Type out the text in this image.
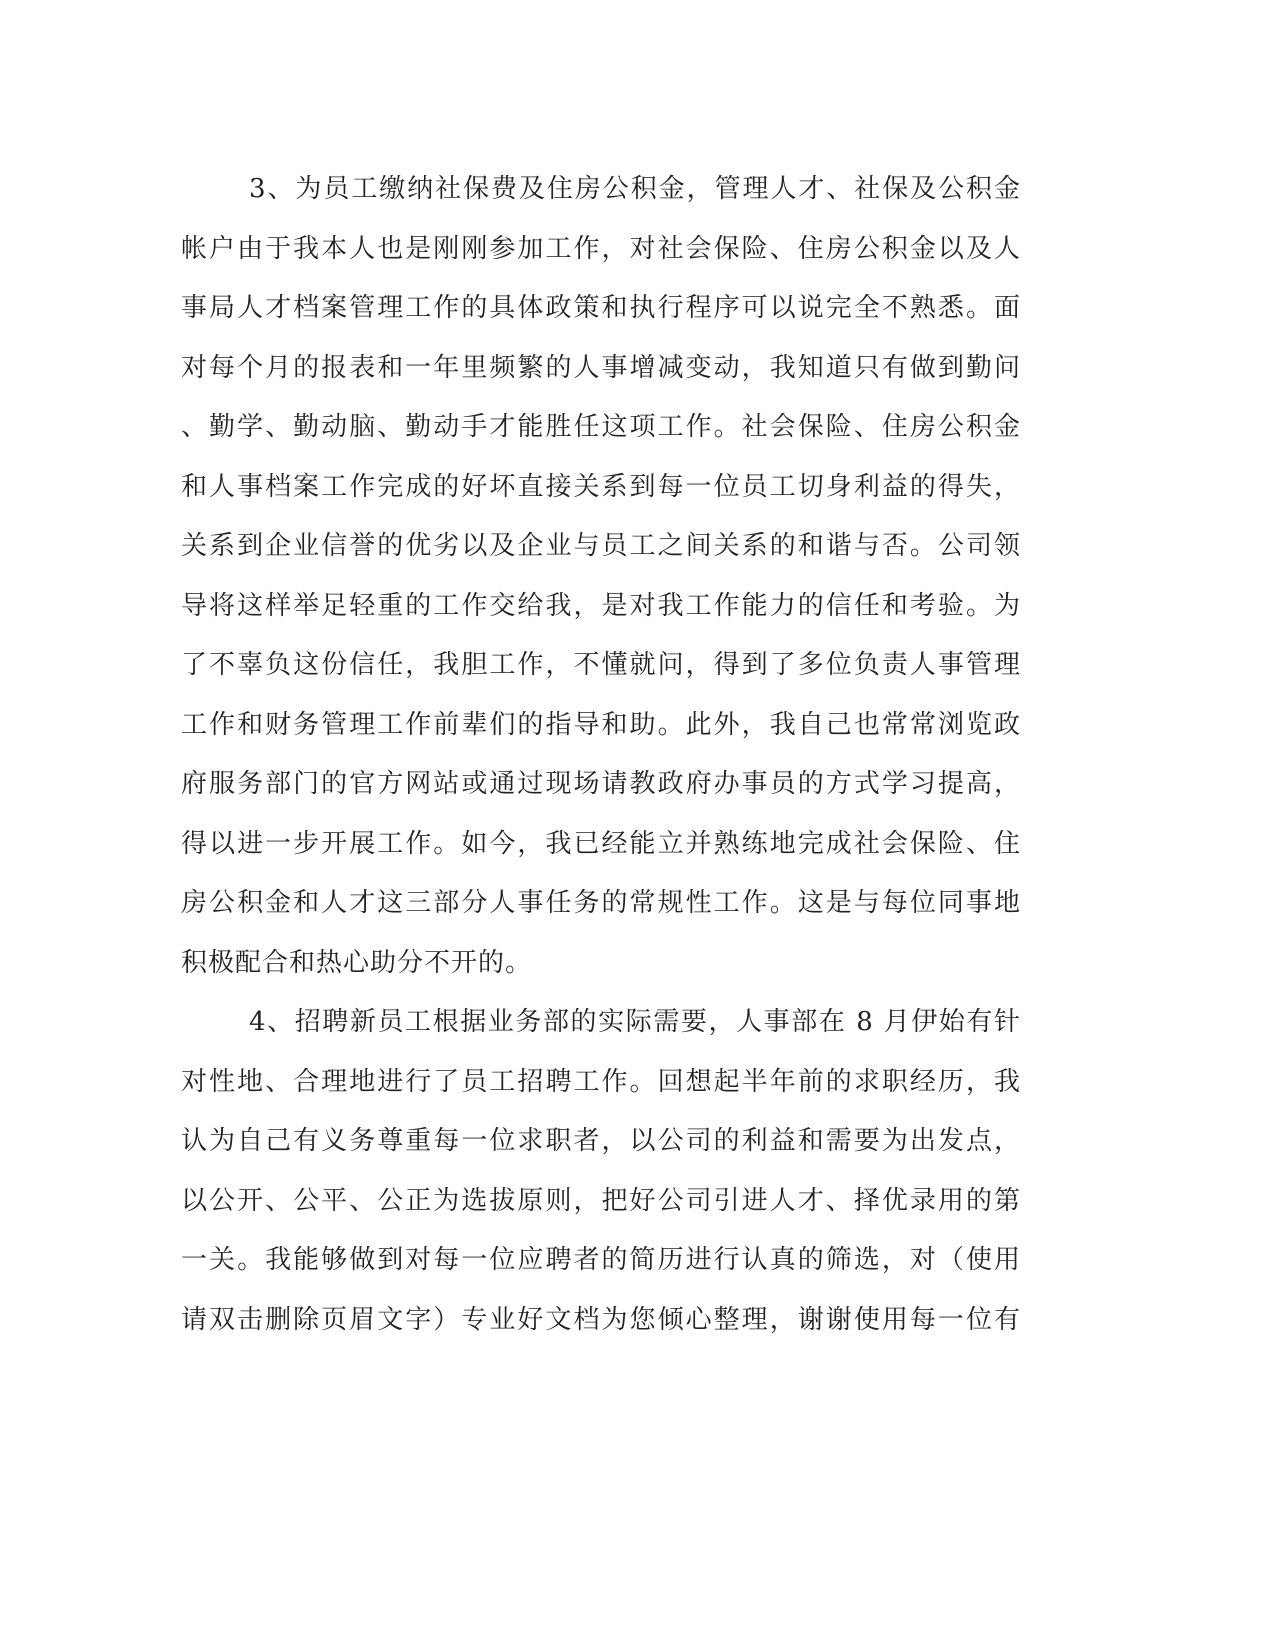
3、为员工缴纳社保费及住房公积金，管理人才、社保及公积金
帐户由于我本人也是刚刚参加工作，对社会保险、住房公积金以及人
事局人才档案管理工作的具体政策和执行程序可以说完全不熟悉。面
对每个月的报表和一年里频繁的人事增减变动，我知道只有做到勤问
、勤学、勤动脑、勤动手才能胜任这项工作。社会保险、住房公积金
和人事档案工作完成的好坏直接关系到每一位员工切身利益的得失，
关系到企业信誉的优劣以及企业与员工之间关系的和谐与否。公司领
导将这样举足轻重的工作交给我，是对我工作能力的信任和考验。为
了不辜负这份信任，我胆工作，不懂就问，得到了多位负责人事管理
工作和财务管理工作前辈们的指导和助。此外，我自己也常常浏览政
府服务部门的官方网站或通过现场请教政府办事员的方式学习提高，
得以进一步开展工作。如今，我已经能立并熟练地完成社会保险、住
房公积金和人才这三部分人事任务的常规性工作。这是与每位同事地
积极配合和热心助分不开的。
4、招聘新员工根据业务部的实际需要，人事部在 8 月伊始有针
对性地、合理地进行了员工招聘工作。回想起半年前的求职经历，我
认为自己有义务尊重每一位求职者，以公司的利益和需要为出发点，
以公开、公平、公正为选拔原则，把好公司引进人才、择优录用的第
一关。我能够做到对每一位应聘者的简历进行认真的筛选，对（使用
请双击删除页眉文字）专业好文档为您倾心整理，谢谢使用每一位有
